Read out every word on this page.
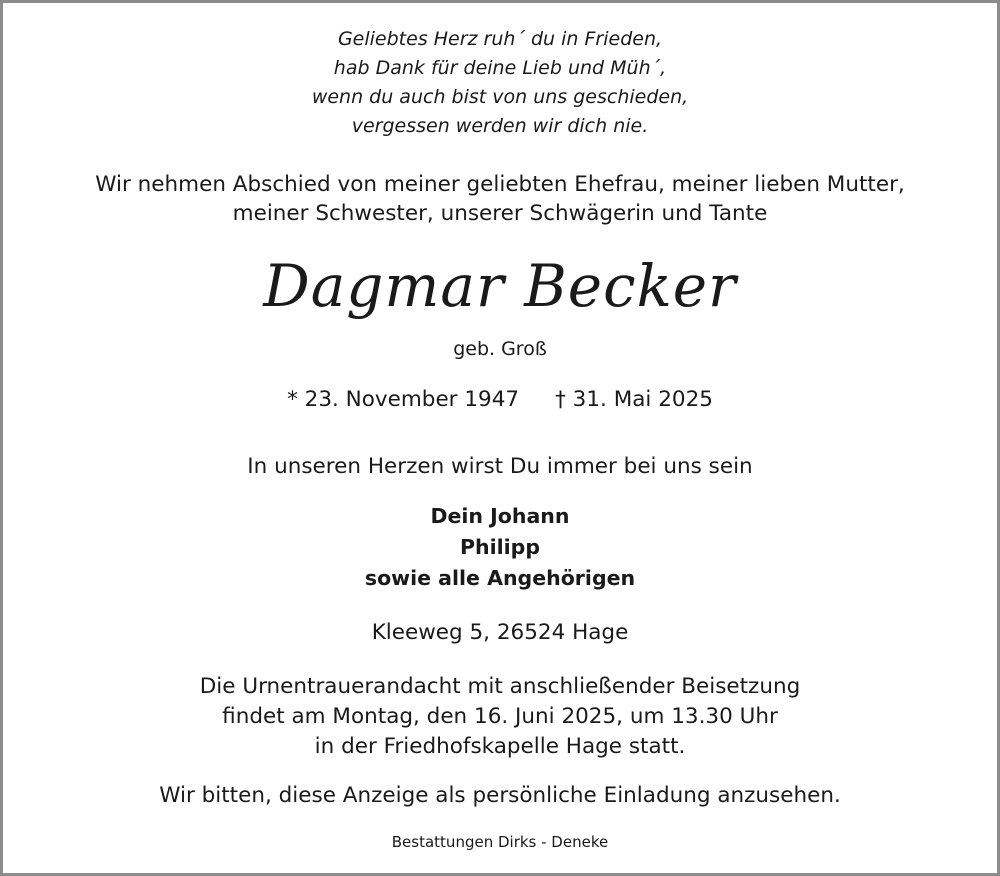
Geliebtes Herz ruh´ du in Frieden,
hab Dank für deine Lieb und Müh´,
wenn du auch bist von uns geschieden,
vergessen werden wir dich nie.
Wir nehmen Abschied von meiner geliebten Ehefrau, meiner lieben Mutter,
meiner Schwester, unserer Schwägerin und Tante
Dagmar Becker
geb. Groß
* 23. November 1947 † 31. Mai 2025
In unseren Herzen wirst Du immer bei uns sein
Dein Johann
Philipp
sowie alle Angehörigen
Kleeweg 5, 26524 Hage
Die Urnentrauerandacht mit anschließender Beisetzung
findet am Montag, den 16. Juni 2025, um 13.30 Uhr
in der Friedhofskapelle Hage statt.
Wir bitten, diese Anzeige als persönliche Einladung anzusehen.
Bestattungen Dirks - Deneke
